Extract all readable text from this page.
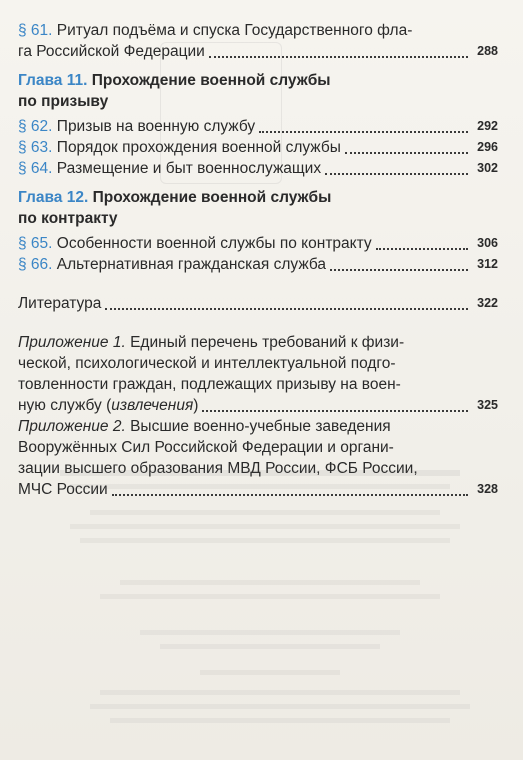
§ 61. Ритуал подъёма и спуска Государственного фла-
га Российской Федерации	288
Глава 11. Прохождение военной службы
по призыву
§ 62. Призыв на военную службу	292
§ 63. Порядок прохождения военной службы	296
§ 64. Размещение и быт военнослужащих	302
Глава 12. Прохождение военной службы
по контракту
§ 65. Особенности военной службы по контракту	306
§ 66. Альтернативная гражданская служба	312
Литература	322
Приложение 1. Единый перечень требований к физи-
ческой, психологической и интеллектуальной подго-
товленности граждан, подлежащих призыву на воен-
ную службу (извлечения)	325
Приложение 2. Высшие военно-учебные заведения
Вооружённых Сил Российской Федерации и органи-
зации высшего образования МВД России, ФСБ России,
МЧС России	328
